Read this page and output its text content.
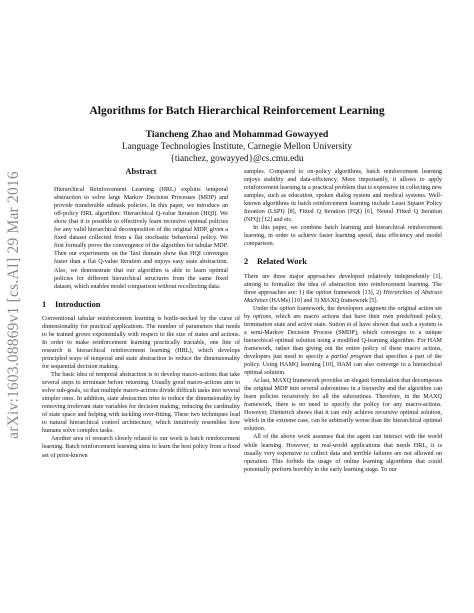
arXiv:1603.08869v1 [cs.AI] 29 Mar 2016
Algorithms for Batch Hierarchical Reinforcement Learning
Tiancheng Zhao and Mohammad Gowayyed
Language Technologies Institute, Carnegie Mellon University
{tianchez, gowayyed}@cs.cmu.edu
Abstract
Hierarchical Reinforcement Learning (HRL) exploits temporal abstraction to solve large Markov Decision Processes (MDP) and provide transferable subtask policies. In this paper, we introduce an off-policy HRL algorithm: Hierarchical Q-value Iteration (HQI). We show that it is possible to effectively learn recursive optimal policies for any valid hierarchical decomposition of the original MDP, given a fixed dataset collected from a flat stochastic behavioral policy. We first formally prove the convergence of the algorithm for tabular MDP. Then our experiments on the Taxi domain show that HQI converges faster than a flat Q-value Iteration and enjoys easy state abstraction. Also, we demonstrate that our algorithm is able to learn optimal policies for different hierarchical structures from the same fixed dataset, which enables model comparison without recollecting data.
1 Introduction

Conventional tabular reinforcement learning is bottle-necked by the curse of dimensionality for practical applications. The number of parameters that needs to be trained grows exponentially with respect to the size of states and actions. In order to make reinforcement learning practically tractable, one line of research is hierarchical reinforcement learning (HRL), which develops principled ways of temporal and state abstraction to reduce the dimensionality for sequential decision making.

The basic idea of temporal abstraction is to develop macro-actions that take several steps to terminate before returning. Usually good macro-actions aim to solve sub-goals, so that multiple macro-actions divide difficult tasks into several simpler ones. In addition, state abstraction tries to reduce the dimensionality by removing irrelevant state variables for decision making, reducing the cardinality of state space and helping with tackling over-fitting. These two techniques lead to natural hierarchical control architecture, which intuitively resembles how humans solve complex tasks.

Another area of research closely related to our work is batch reinforcement learning. Batch reinforcement learning aims to learn the best policy from a fixed set of prior-known

samples. Compared to on-policy algorithms, batch reinforcement learning enjoys stability and data-efficiency. More importantly, it allows to apply reinforcement learning in a practical problem that is expensive in collecting new samples, such as education, spoken dialog system and medical systems. Well-known algorithms in batch reinforcement learning include Least Square Policy Iteration (LSPI) [8], Fitted Q Iteration (FQI) [6], Neural Fitted Q Iteration (NFQ) [12] and etc.

In this paper, we combine batch learning and hierarchical reinforcement learning, in order to achieve faster learning speed, data efficiency and model comparison.

2 Related Work

There are three major approaches developed relatively independently [1], aiming to formalize the idea of abstraction into reinforcement learning. The three approaches are: 1) the option framework [13], 2) Hierarchies of Abstract Machines (HAMs) [10] and 3) MAXQ framework [5].

Under the option framework, the developers augment the original action set by options, which are macro actions that have their own predefined policy, termination state and active state. Sutton et al have shown that such a system is a semi-Markov Decision Process (SMDP), which converges to a unique hierarchical optimal solution using a modified Q-learning algorithm. For HAM framework, rather than giving out the entire policy of these macro actions, developers just need to specify a partial program that specifies a part of the policy. Using HAMQ learning [10], HAM can also converge to a hierarchical optimal solution.

At last, MAXQ framework provides an elegant formulation that decomposes the original MDP into several subroutines in a hierarchy and the algorithm can learn policies recursively for all the subroutines. Therefore, in the MAXQ framework, there is no need to specify the policy for any macro-actions. However, Dietterich shows that it can only achieve recursive optimal solution, which in the extreme case, can be arbitrarily worse than the hierarchical optimal solution.

All of the above work assumes that the agent can interact with the world while learning. However, in real-world applications that needs HRL, it is usually very expensive to collect data and terrible failures are not allowed on operation. This forbids the usage of online learning algorithms that could potentially preform horribly in the early learning stage. To our
